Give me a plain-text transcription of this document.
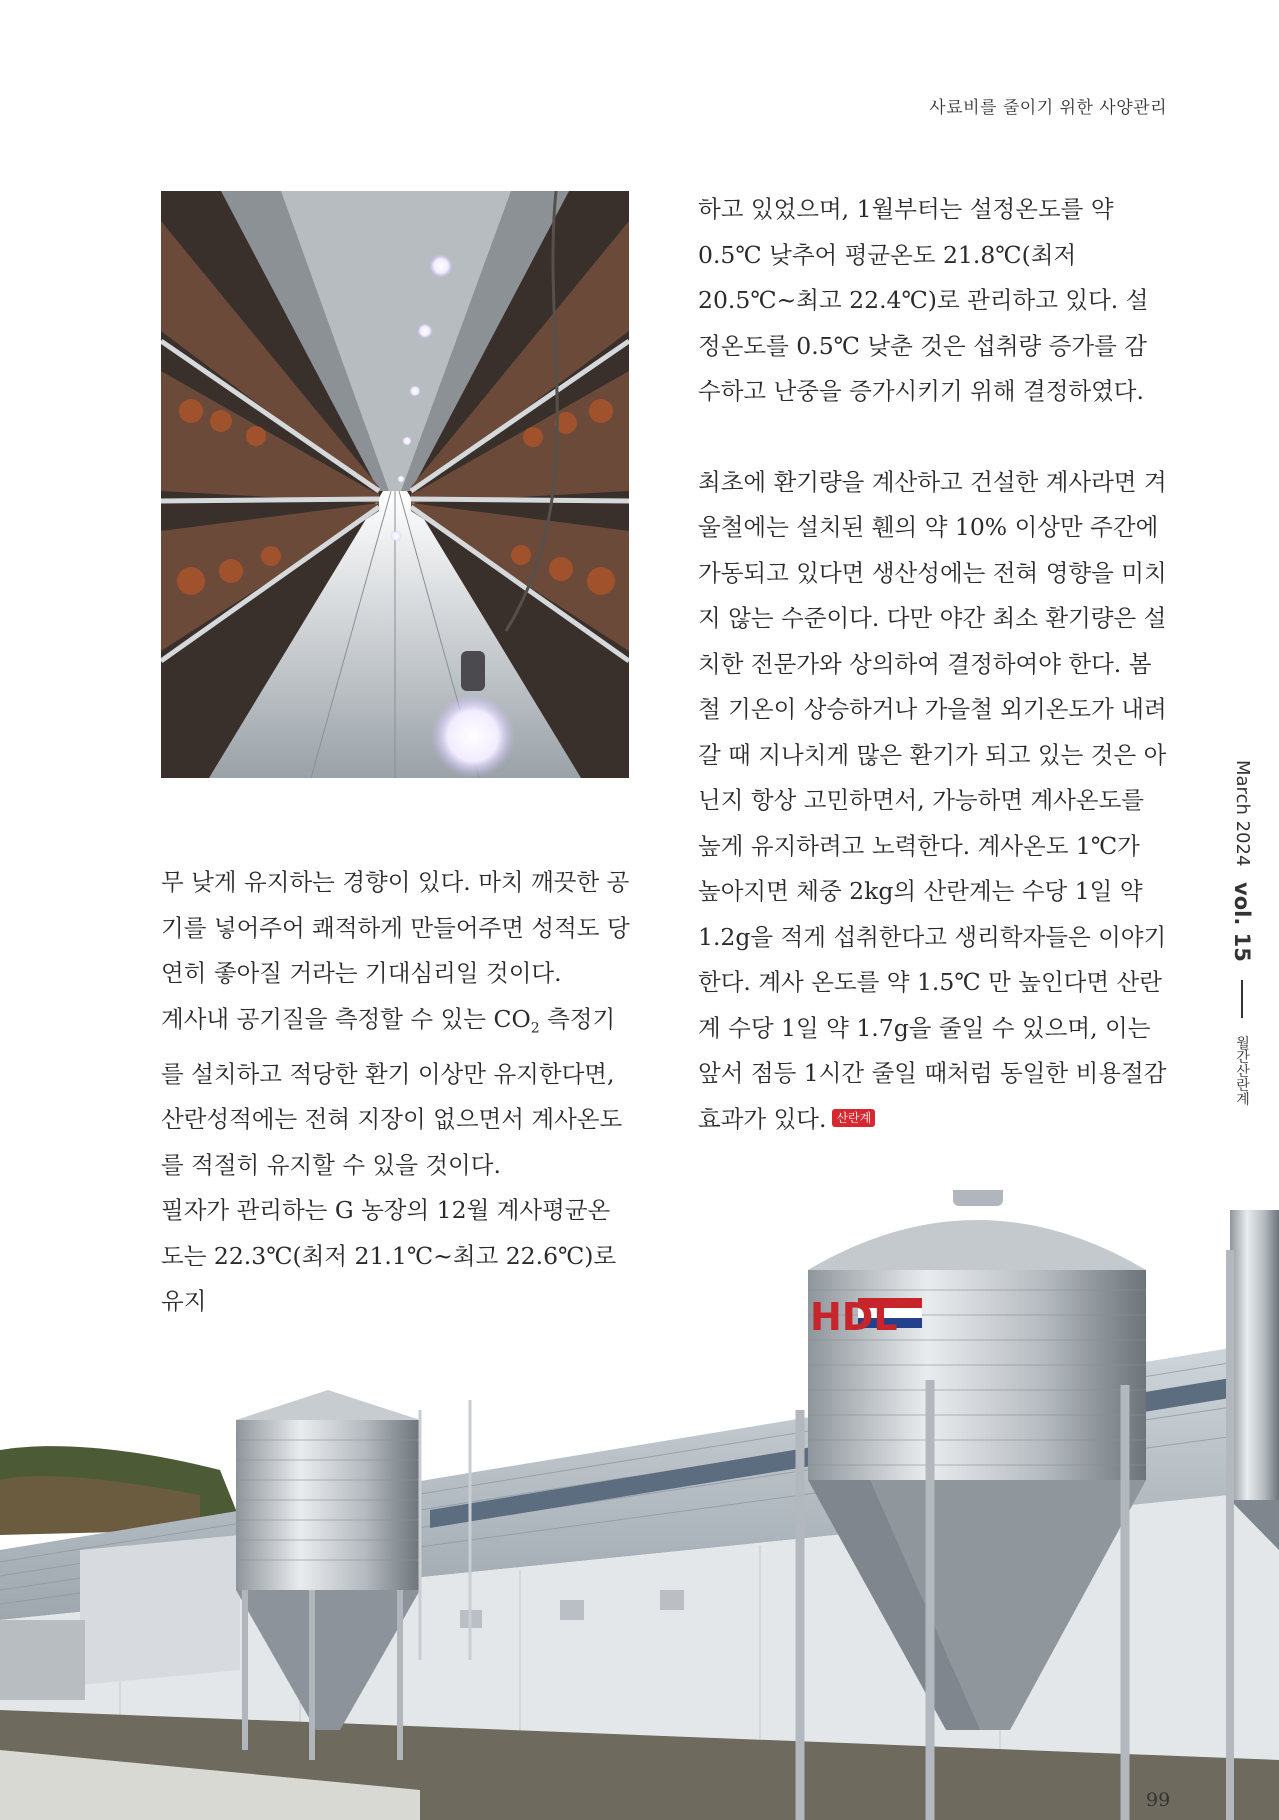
사료비를 줄이기 위한 사양관리

무 낮게 유지하는 경향이 있다. 마치 깨끗한 공기를 넣어주어 쾌적하게 만들어주면 성적도 당연히 좋아질 거라는 기대심리일 것이다.

계사내 공기질을 측정할 수 있는 $CO_2$ 측정기를 설치하고 적당한 환기 이상만 유지한다면, 산란성적에는 전혀 지장이 없으면서 계사온도를 적절히 유지할 수 있을 것이다.

필자가 관리하는 G 농장의 12월 계사평균온도는 22.3℃(최저 21.1℃~최고 22.6℃)로 유지

하고 있었으며, 1월부터는 설정온도를 약 0.5℃ 낮추어 평균온도 21.8℃(최저 20.5℃~최고 22.4℃)로 관리하고 있다. 설정온도를 0.5℃ 낮춘 것은 섭취량 증가를 감수하고 난중을 증가시키기 위해 결정하였다.

최초에 환기량을 계산하고 건설한 계사라면 겨울철에는 설치된 휀의 약 10% 이상만 주간에 가동되고 있다면 생산성에는 전혀 영향을 미치지 않는 수준이다. 다만 야간 최소 환기량은 설치한 전문가와 상의하여 결정하여야 한다. 봄철 기온이 상승하거나 가을철 외기온도가 내려갈 때 지나치게 많은 환기가 되고 있는 것은 아닌지 항상 고민하면서, 가능하면 계사온도를 높게 유지하려고 노력한다. 계사온도 1℃가 높아지면 체중 2kg의 산란계는 수당 1일 약 1.2g을 적게 섭취한다고 생리학자들은 이야기한다. 계사 온도를 약 1.5℃ 만 높인다면 산란계 수당 1일 약 1.7g을 줄일 수 있으며, 이는 앞서 점등 1시간 줄일 때처럼 동일한 비용절감 효과가 있다. 산란계

March 2024 vol. 15  월간산란계
HDL
99
